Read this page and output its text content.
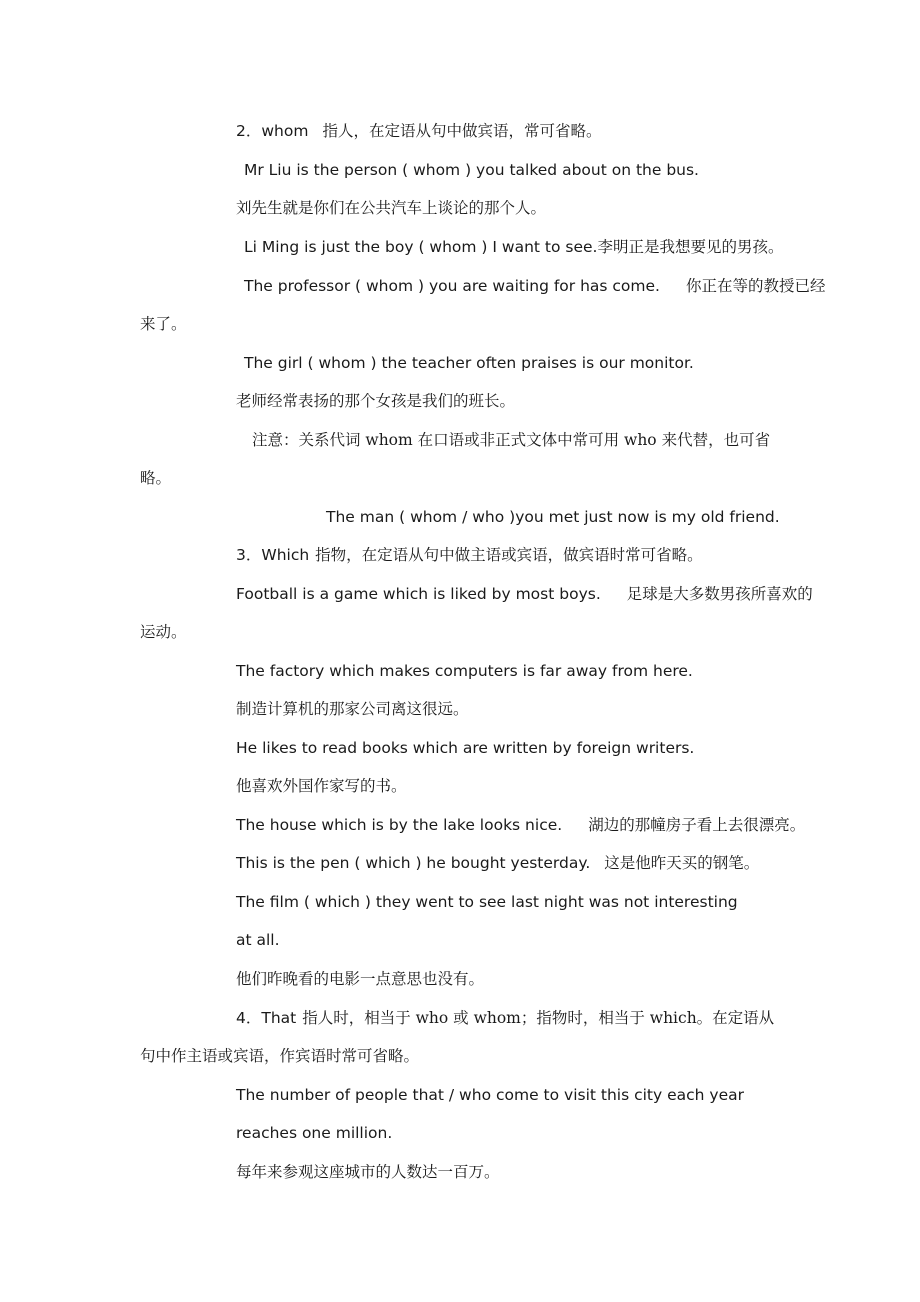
2．whom 指人，在定语从句中做宾语，常可省略。
Mr Liu is the person ( whom ) you talked about on the bus.
刘先生就是你们在公共汽车上谈论的那个人。
Li Ming is just the boy ( whom ) I want to see.李明正是我想要见的男孩。
The professor ( whom ) you are waiting for has come. 你正在等的教授已经
来了。
The girl ( whom ) the teacher often praises is our monitor.
老师经常表扬的那个女孩是我们的班长。
注意：关系代词 whom 在口语或非正式文体中常可用 who 来代替，也可省
略。
The man ( whom / who )you met just now is my old friend.
3．Which 指物，在定语从句中做主语或宾语，做宾语时常可省略。
Football is a game which is liked by most boys. 足球是大多数男孩所喜欢的
运动。
The factory which makes computers is far away from here.
制造计算机的那家公司离这很远。
He likes to read books which are written by foreign writers.
他喜欢外国作家写的书。
The house which is by the lake looks nice. 湖边的那幢房子看上去很漂亮。
This is the pen ( which ) he bought yesterday. 这是他昨天买的钢笔。
The film ( which ) they went to see last night was not interesting
at all.
他们昨晚看的电影一点意思也没有。
4．That 指人时，相当于 who 或 whom；指物时，相当于 which。在定语从
句中作主语或宾语，作宾语时常可省略。
The number of people that / who come to visit this city each year
reaches one million.
每年来参观这座城市的人数达一百万。
